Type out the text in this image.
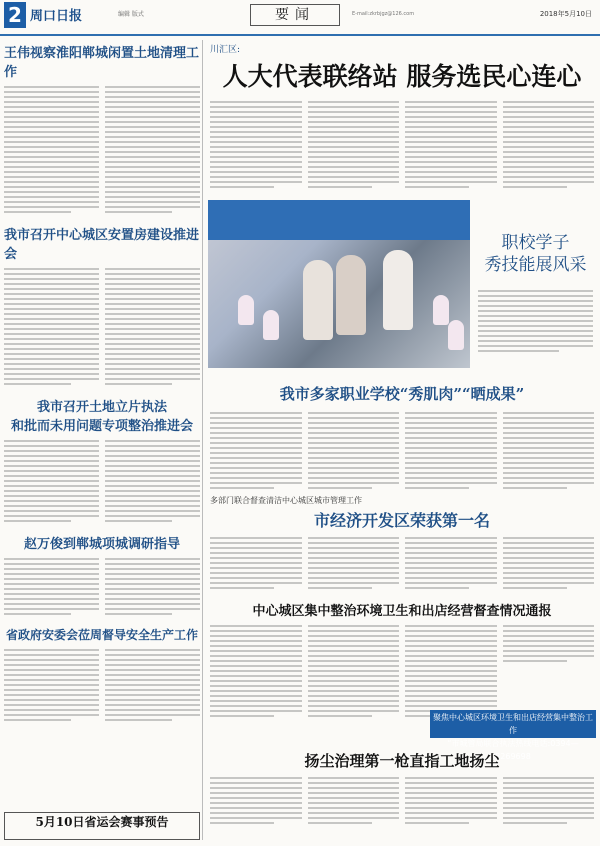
2 周口日报	编辑 版式	要闻	E-mail:zkrbjgz@126.com	2018年5月10日
王伟视察淮阳郸城闲置土地清理工作
我市召开中心城区安置房建设推进会
我市召开土地立片执法
和批而未用问题专项整治推进会
赵万俊到郸城项城调研指导
省政府安委会莅周督导安全生产工作
5月10日省运会赛事预告
川汇区:
人大代表联络站 服务选民心连心
职校学子
秀技能展风采
我市多家职业学校“秀肌肉”“晒成果”
多部门联合督查清洁中心城区城市管理工作
市经济开发区荣获第一名
中心城区集中整治环境卫生和出店经营督查情况通报
聚焦中心城区环境卫生和出店经营集中整治工作
“市城管局联合执法热线电话:0394—8269698
扬尘治理第一枪直指工地扬尘
